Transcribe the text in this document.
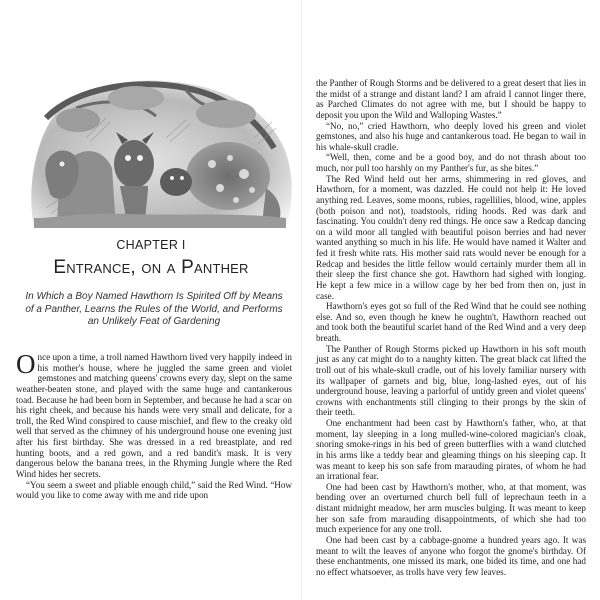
CHAPTER I
Entrance, on a Panther
In Which a Boy Named Hawthorn Is Spirited Off by Means of a Panther, Learns the Rules of the World, and Performs an Unlikely Feat of Gardening

Once upon a time, a troll named Hawthorn lived very happily indeed in his mother's house, where he juggled the same green and violet gemstones and matching queens' crowns every day, slept on the same weather-beaten stone, and played with the same huge and cantankerous toad. Because he had been born in September, and because he had a scar on his right cheek, and because his hands were very small and delicate, for a troll, the Red Wind conspired to cause mischief, and flew to the creaky old well that served as the chimney of his underground house one evening just after his first birthday. She was dressed in a red breastplate, and red hunting boots, and a red gown, and a red bandit's mask. It is very dangerous below the banana trees, in the Rhyming Jungle where the Red Wind hides her secrets.

“You seem a sweet and pliable enough child,” said the Red Wind. “How would you like to come away with me and ride upon

the Panther of Rough Storms and be delivered to a great desert that lies in the midst of a strange and distant land? I am afraid I cannot linger there, as Parched Climates do not agree with me, but I should be happy to deposit you upon the Wild and Walloping Wastes.”

“No, no,” cried Hawthorn, who deeply loved his green and violet gemstones, and also his huge and cantankerous toad. He began to wail in his whale-skull cradle.

“Well, then, come and be a good boy, and do not thrash about too much, nor pull too harshly on my Panther's fur, as she bites.”

The Red Wind held out her arms, shimmering in red gloves, and Hawthorn, for a moment, was dazzled. He could not help it: He loved anything red. Leaves, some moons, rubies, ragellilies, blood, wine, apples (both poison and not), toadstools, riding hoods. Red was dark and fascinating. You couldn't deny red things. He once saw a Redcap dancing on a wild moor all tangled with beautiful poison berries and had never wanted anything so much in his life. He would have named it Walter and fed it fresh white rats. His mother said rats would never be enough for a Redcap and besides the little fellow would certainly murder them all in their sleep the first chance she got. Hawthorn had sighed with longing. He kept a few mice in a willow cage by her bed from then on, just in case.

Hawthorn's eyes got so full of the Red Wind that he could see nothing else. And so, even though he knew he oughtn't, Hawthorn reached out and took both the beautiful scarlet hand of the Red Wind and a very deep breath.

The Panther of Rough Storms picked up Hawthorn in his soft mouth just as any cat might do to a naughty kitten. The great black cat lifted the troll out of his whale-skull cradle, out of his lovely familiar nursery with its wallpaper of garnets and big, blue, long-lashed eyes, out of his underground house, leaving a parlorful of untidy green and violet queens' crowns with enchantments still clinging to their prongs by the skin of their teeth.

One enchantment had been cast by Hawthorn's father, who, at that moment, lay sleeping in a long mulled-wine-colored magician's cloak, snoring smoke-rings in his bed of green butterflies with a wand clutched in his arms like a teddy bear and gleaming things on his sleeping cap. It was meant to keep his son safe from marauding pirates, of whom he had an irrational fear.

One had been cast by Hawthorn's mother, who, at that moment, was bending over an overturned church bell full of leprechaun teeth in a distant midnight meadow, her arm muscles bulging. It was meant to keep her son safe from marauding disappointments, of which she had too much experience for any one troll.

One had been cast by a cabbage-gnome a hundred years ago. It was meant to wilt the leaves of anyone who forgot the gnome's birthday. Of these enchantments, one missed its mark, one bided its time, and one had no effect whatsoever, as trolls have very few leaves.
